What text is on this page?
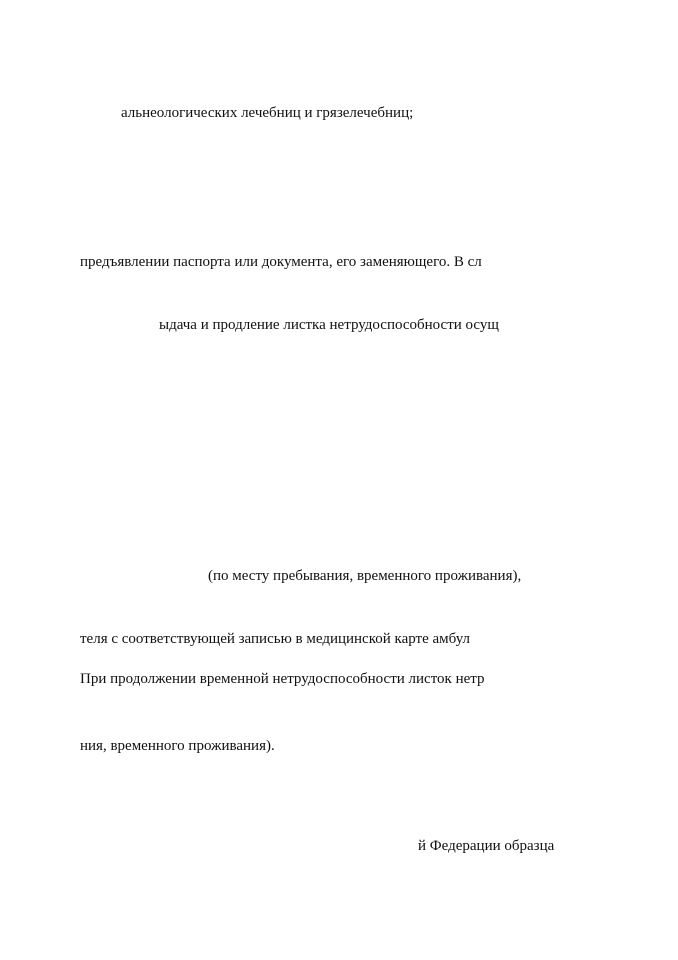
альнеологических лечебниц и грязелечебниц;
предъявлении паспорта или документа, его заменяющего. В сл
ыдача и продление листка нетрудоспособности осущ
(по месту пребывания, временного проживания),
теля с соответствующей записью в медицинской карте амбул
При продолжении временной нетрудоспособности листок нетр
ния, временного проживания).
й Федерации образца
